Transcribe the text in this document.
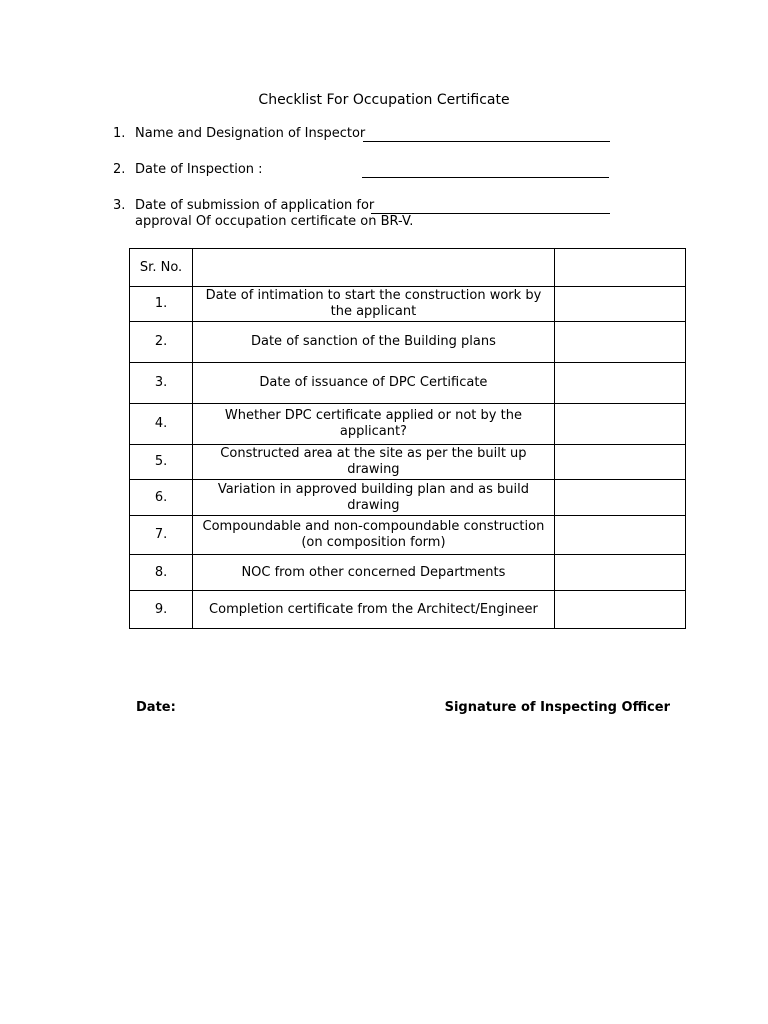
Checklist For Occupation Certificate
1. Name and Designation of Inspector
2. Date of Inspection :
3. Date of submission of application for
approval Of occupation certificate on BR-V.
Sr. No.		
1.	Date of intimation to start the construction work by the applicant	
2.	Date of sanction of the Building plans	
3.	Date of issuance of DPC Certificate	
4.	Whether DPC certificate applied or not by the applicant?	
5.	Constructed area at the site as per the built up drawing	
6.	Variation in approved building plan and as build drawing	
7.	Compoundable and non-compoundable construction (on composition form)	
8.	NOC from other concerned Departments	
9.	Completion certificate from the Architect/Engineer	
Date:	Signature of Inspecting Officer
